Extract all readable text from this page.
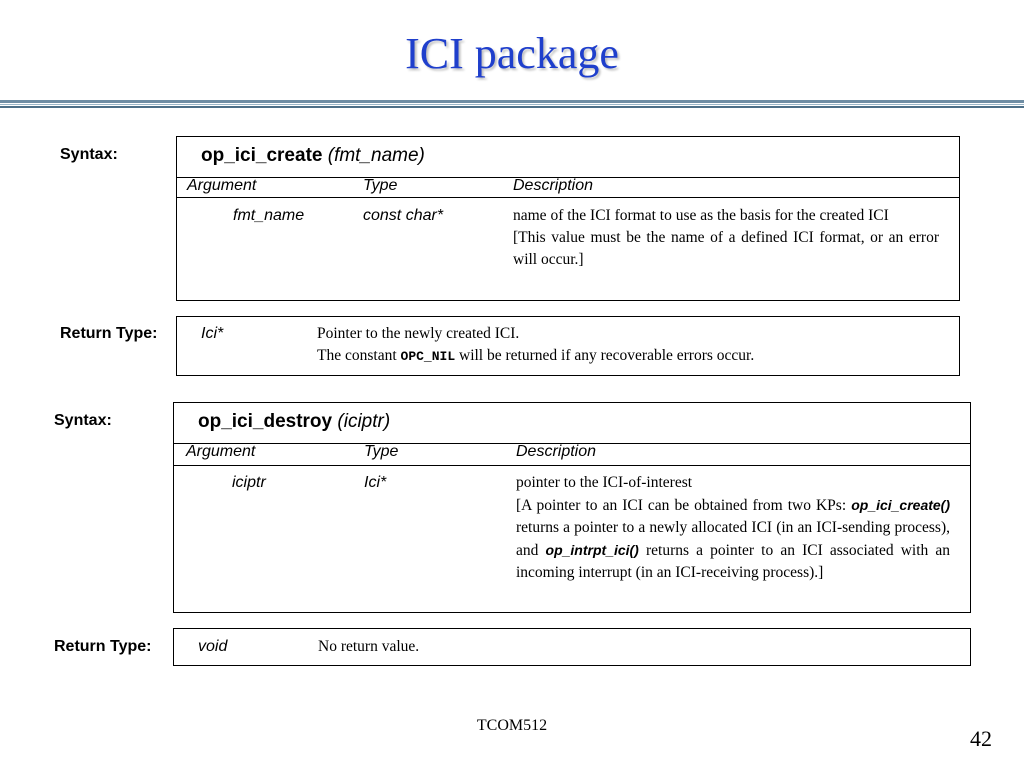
ICI package
Syntax:	op_ici_create (fmt_name)
Argument	Type	Description
fmt_name	const char*	name of the ICI format to use as the basis for the created ICI
[This value must be the name of a defined ICI format, or an error will occur.]
Return Type:	Ici*	Pointer to the newly created ICI.
The constant OPC_NIL will be returned if any recoverable errors occur.
Syntax:	op_ici_destroy (iciptr)
Argument	Type	Description
iciptr	Ici*	pointer to the ICI-of-interest
[A pointer to an ICI can be obtained from two KPs: op_ici_create() returns a pointer to a newly allocated ICI (in an ICI-sending process), and op_intrpt_ici() returns a pointer to an ICI associated with an incoming interrupt (in an ICI-receiving process).]
Return Type:	void	No return value.
TCOM512
42
